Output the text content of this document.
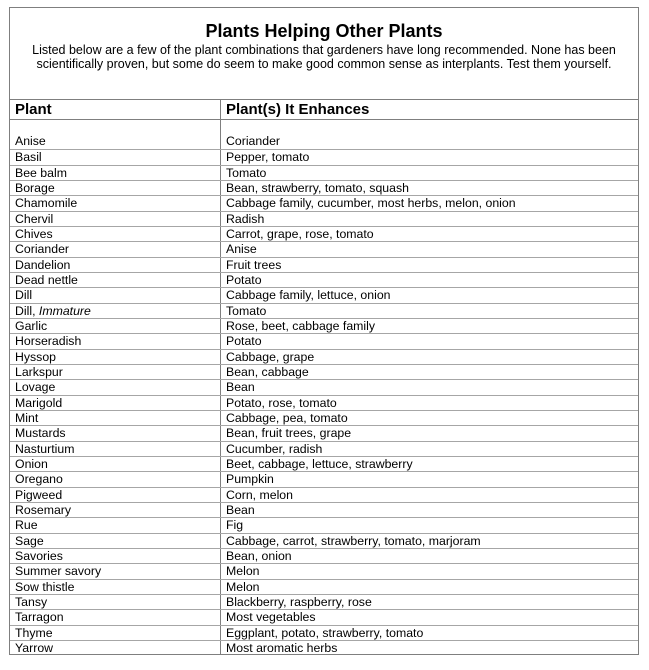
Plants Helping Other Plants
Listed below are a few of the plant combinations that gardeners have long recommended. None has been scientifically proven, but some do seem to make good common sense as interplants. Test them yourself.
Plant	Plant(s) It Enhances
Anise	Coriander
Basil	Pepper, tomato
Bee balm	Tomato
Borage	Bean, strawberry, tomato, squash
Chamomile	Cabbage family, cucumber, most herbs, melon, onion
Chervil	Radish
Chives	Carrot, grape, rose, tomato
Coriander	Anise
Dandelion	Fruit trees
Dead nettle	Potato
Dill	Cabbage family, lettuce, onion
Dill, Immature	Tomato
Garlic	Rose, beet, cabbage family
Horseradish	Potato
Hyssop	Cabbage, grape
Larkspur	Bean, cabbage
Lovage	Bean
Marigold	Potato, rose, tomato
Mint	Cabbage, pea, tomato
Mustards	Bean, fruit trees, grape
Nasturtium	Cucumber, radish
Onion	Beet, cabbage, lettuce, strawberry
Oregano	Pumpkin
Pigweed	Corn, melon
Rosemary	Bean
Rue	Fig
Sage	Cabbage, carrot, strawberry, tomato, marjoram
Savories	Bean, onion
Summer savory	Melon
Sow thistle	Melon
Tansy	Blackberry, raspberry, rose
Tarragon	Most vegetables
Thyme	Eggplant, potato, strawberry, tomato
Yarrow	Most aromatic herbs
